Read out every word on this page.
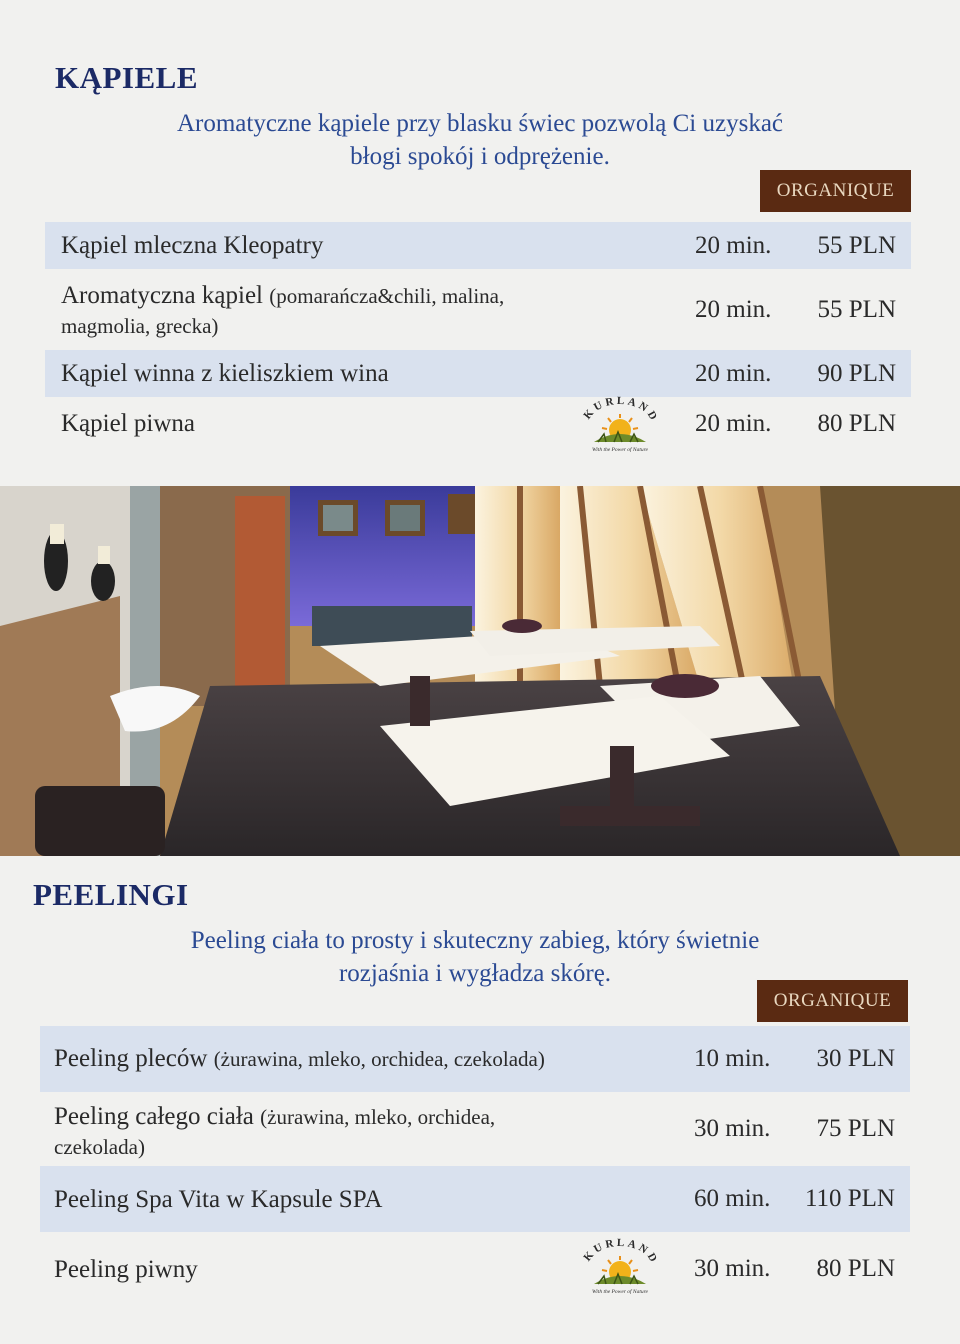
KĄPIELE
Aromatyczne kąpiele przy blasku świec pozwolą Ci uzyskać
błogi spokój i odprężenie.
ORGANIQUE
Kąpiel mleczna Kleopatry	20 min. 55 PLN
Aromatyczna kąpiel (pomarańcza&chili, malina,
magmolia, grecka)
20 min. 55 PLN
Kąpiel winna z kieliszkiem wina	20 min. 90 PLN
Kąpiel piwna	20 min. 80 PLN
KURLAND
With the Power of Nature
PEELINGI
Peeling ciała to prosty i skuteczny zabieg, który świetnie
rozjaśnia i wygładza skórę.
ORGANIQUE
Peeling pleców (żurawina, mleko, orchidea, czekolada)	10 min. 30 PLN
Peeling całego ciała (żurawina, mleko, orchidea,
czekolada)
30 min. 75 PLN
Peeling Spa Vita w Kapsule SPA	60 min. 110 PLN
Peeling piwny	30 min. 80 PLN
KURLAND
With the Power of Nature
